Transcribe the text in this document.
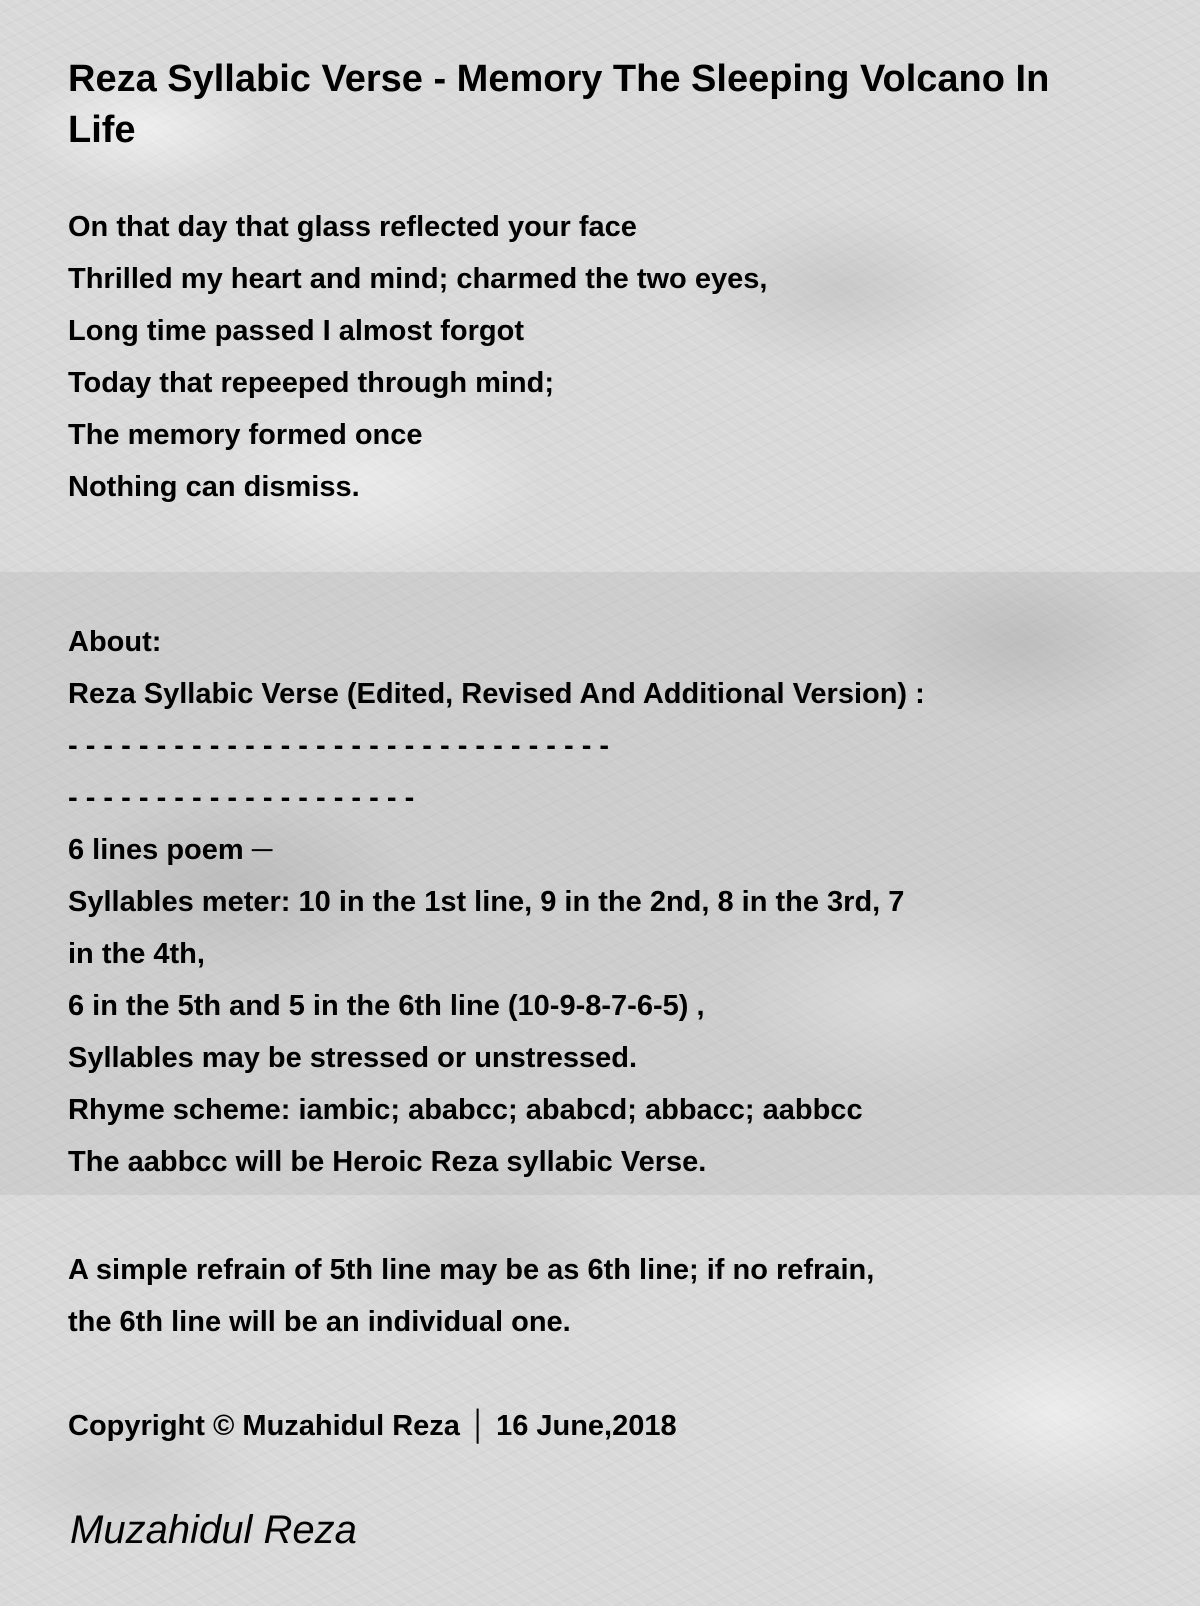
Reza Syllabic Verse - Memory The Sleeping Volcano In Life
On that day that glass reflected your face
Thrilled my heart and mind; charmed the two eyes,
Long time passed I almost forgot
Today that repeeped through mind;
The memory formed once
Nothing can dismiss.
About:
Reza Syllabic Verse (Edited, Revised And Additional Version) :
- - - - - - - - - - - - - - - - - - - - - - - - - - - - - - -
- - - - - - - - - - - - - - - - - - - -
6 lines poem ─
Syllables meter: 10 in the 1st line, 9 in the 2nd, 8 in the 3rd, 7
in the 4th,
6 in the 5th and 5 in the 6th line (10-9-8-7-6-5) ,
Syllables may be stressed or unstressed.
Rhyme scheme: iambic; ababcc; ababcd; abbacc; aabbcc
The aabbcc will be Heroic Reza syllabic Verse.
A simple refrain of 5th line may be as 6th line; if no refrain,
the 6th line will be an individual one.
Copyright © Muzahidul Reza │ 16 June,2018
Muzahidul Reza
